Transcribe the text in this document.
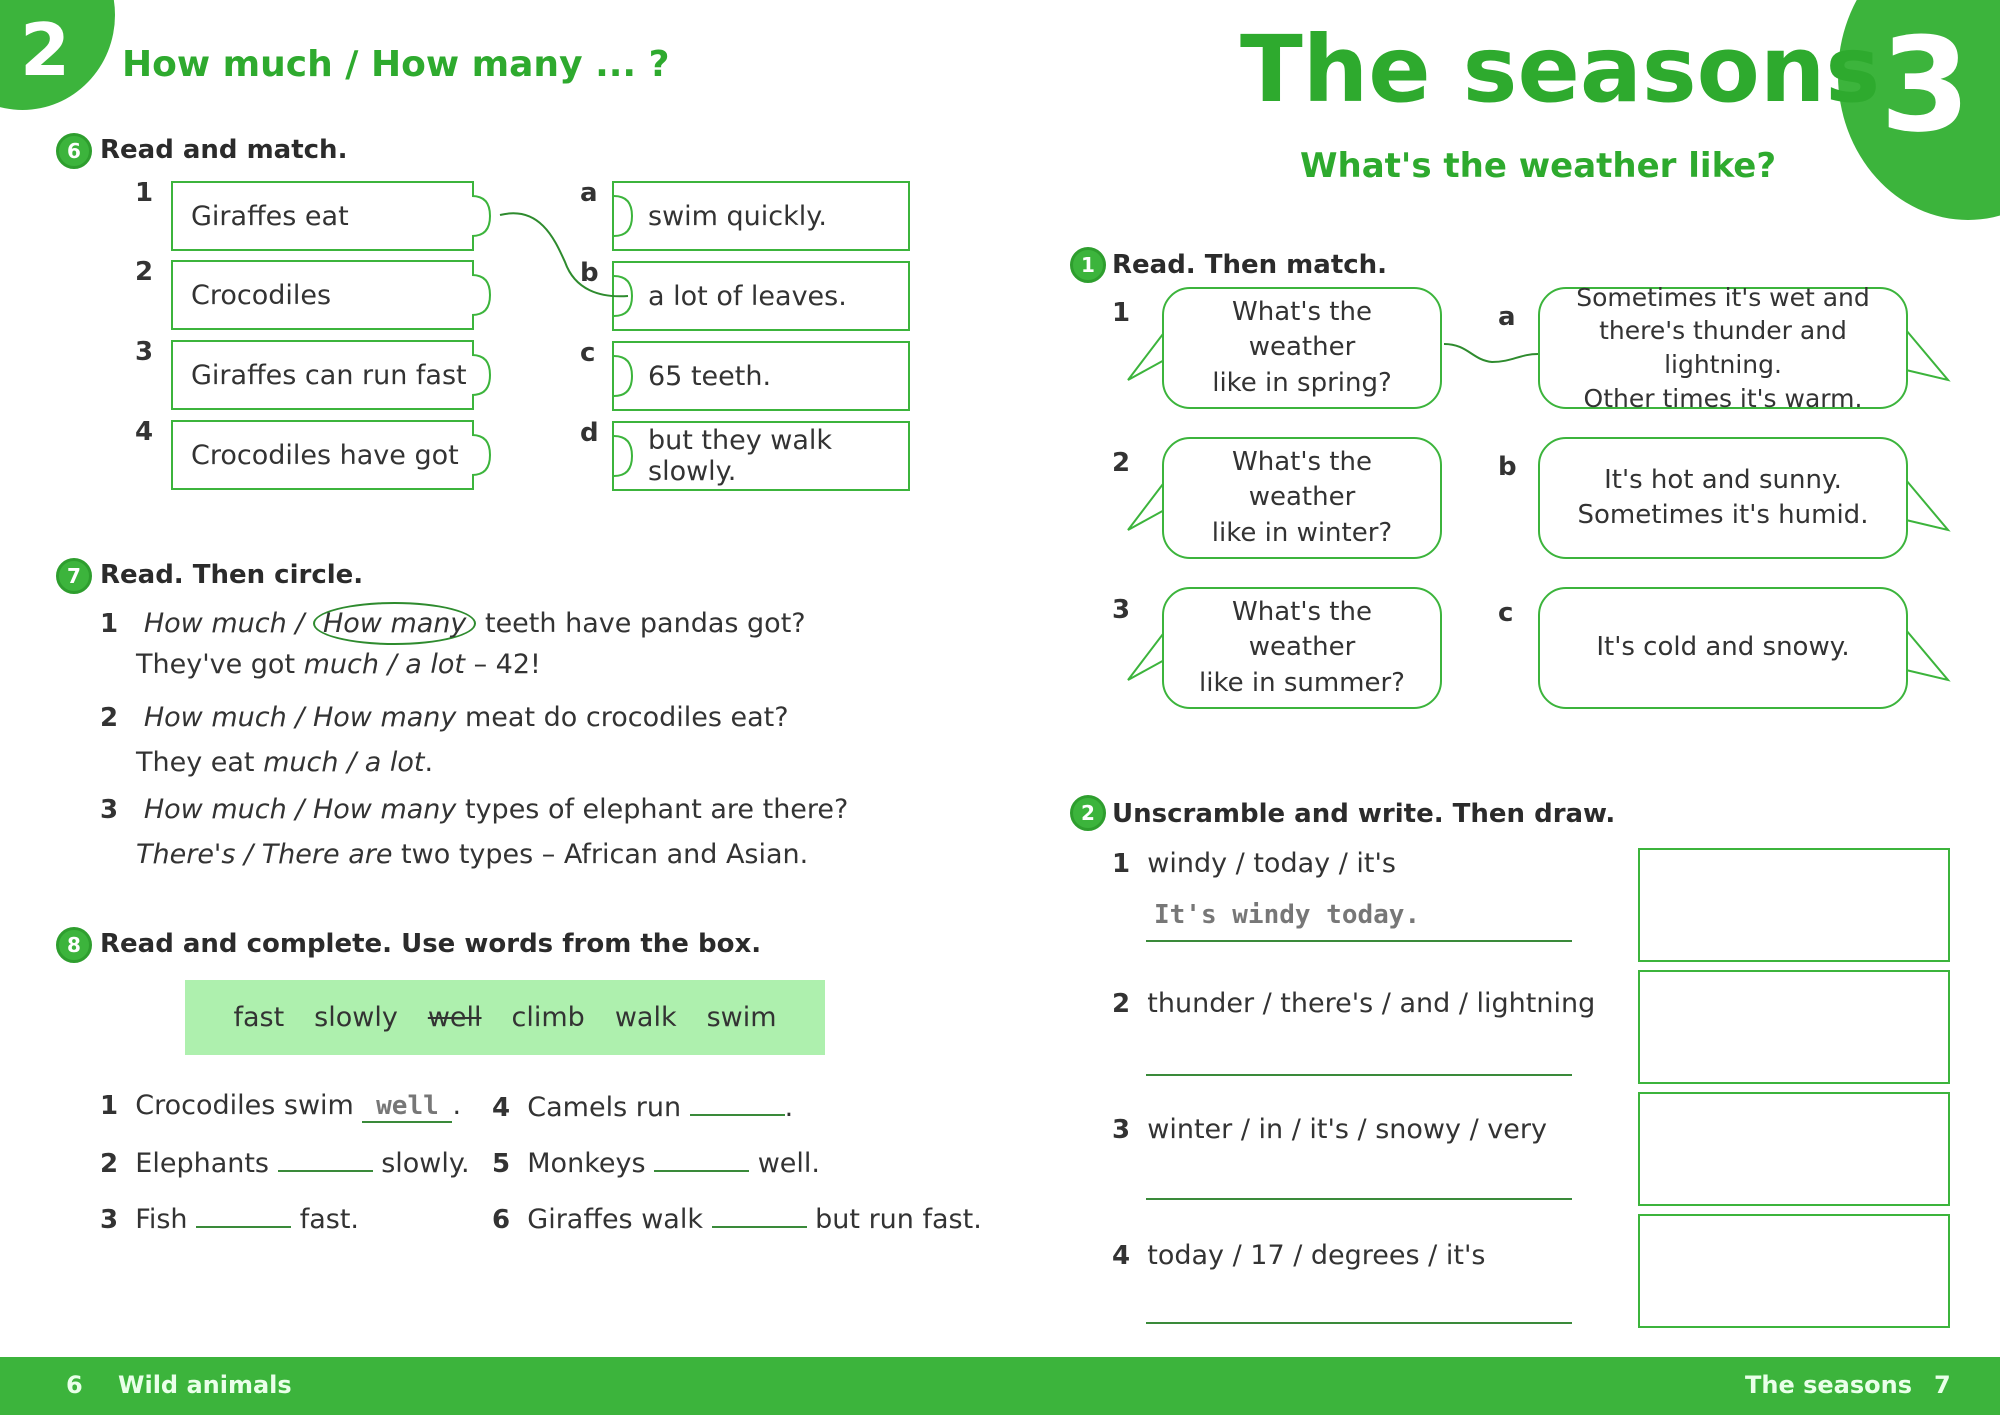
2 How much / How many ... ?
6 Read and match.
1
Giraffes eat
2
Crocodiles
3
Giraffes can run fast
4
Crocodiles have got
a
swim quickly.
b
a lot of leaves.
c
65 teeth.
d but they walk slowly.
7 Read. Then circle.
1 How much / How many teeth have pandas got?
They've got much / a lot – 42!
2 How much / How many meat do crocodiles eat?
They eat much / a lot.
3 How much / How many types of elephant are there?
There's / There are two types – African and Asian.
8 Read and complete. Use words from the box.
fast slowly well climb walk swim
1 Crocodiles swim well .
2 Elephants	slowly.
3 Fish	fast.
4 Camels run	.
5 Monkeys	well.
6 Giraffes walk	but run fast.
3
The seasons
What's the weather like?
1 Read. Then match.
1	What's the weather
like in spring?
2	What's the weather
like in winter?
3	What's the weather
like in summer?
a
Sometimes it's wet and
there's thunder and lightning.
Other times it's warm.
b	It's hot and sunny.
Sometimes it's humid.
c
It's cold and snowy.
2 Unscramble and write. Then draw.
1 windy / today / it's
It's windy today.
2 thunder / there's / and / lightning
3 winter / in / it's / snowy / very
4 today / 17 / degrees / it's
6 Wild animals	The seasons 7
